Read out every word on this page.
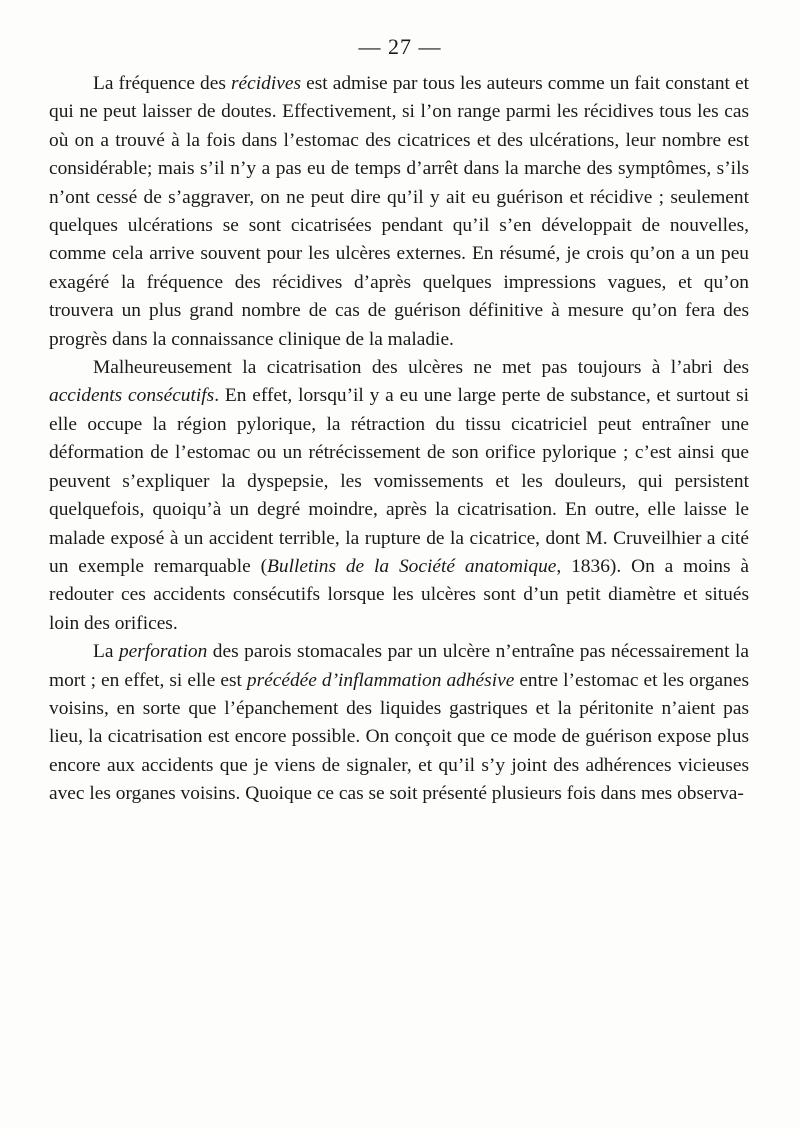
— 27 —

La fréquence des récidives est admise par tous les auteurs comme un fait constant et qui ne peut laisser de doutes. Effectivement, si l’on range parmi les récidives tous les cas où on a trouvé à la fois dans l’estomac des cicatrices et des ulcérations, leur nombre est considérable; mais s’il n’y a pas eu de temps d’arrêt dans la marche des symptômes, s’ils n’ont cessé de s’aggraver, on ne peut dire qu’il y ait eu guérison et récidive ; seulement quelques ulcérations se sont cicatrisées pendant qu’il s’en développait de nouvelles, comme cela arrive souvent pour les ulcères externes. En résumé, je crois qu’on a un peu exagéré la fréquence des récidives d’après quelques impressions vagues, et qu’on trouvera un plus grand nombre de cas de guérison définitive à mesure qu’on fera des progrès dans la connaissance clinique de la maladie.

Malheureusement la cicatrisation des ulcères ne met pas toujours à l’abri des accidents consécutifs. En effet, lorsqu’il y a eu une large perte de substance, et surtout si elle occupe la région pylorique, la rétraction du tissu cicatriciel peut entraîner une déformation de l’estomac ou un rétrécissement de son orifice pylorique ; c’est ainsi que peuvent s’expliquer la dyspepsie, les vomissements et les douleurs, qui persistent quelquefois, quoiqu’à un degré moindre, après la cicatrisation. En outre, elle laisse le malade exposé à un accident terrible, la rupture de la cicatrice, dont M. Cruveilhier a cité un exemple remarquable (Bulletins de la Société anatomique, 1836). On a moins à redouter ces accidents consécutifs lorsque les ulcères sont d’un petit diamètre et situés loin des orifices.

La perforation des parois stomacales par un ulcère n’entraîne pas nécessairement la mort ; en effet, si elle est précédée d’inflammation adhésive entre l’estomac et les organes voisins, en sorte que l’épanchement des liquides gastriques et la péritonite n’aient pas lieu, la cicatrisation est encore possible. On conçoit que ce mode de guérison expose plus encore aux accidents que je viens de signaler, et qu’il s’y joint des adhérences vicieuses avec les organes voisins. Quoique ce cas se soit présenté plusieurs fois dans mes observa-
